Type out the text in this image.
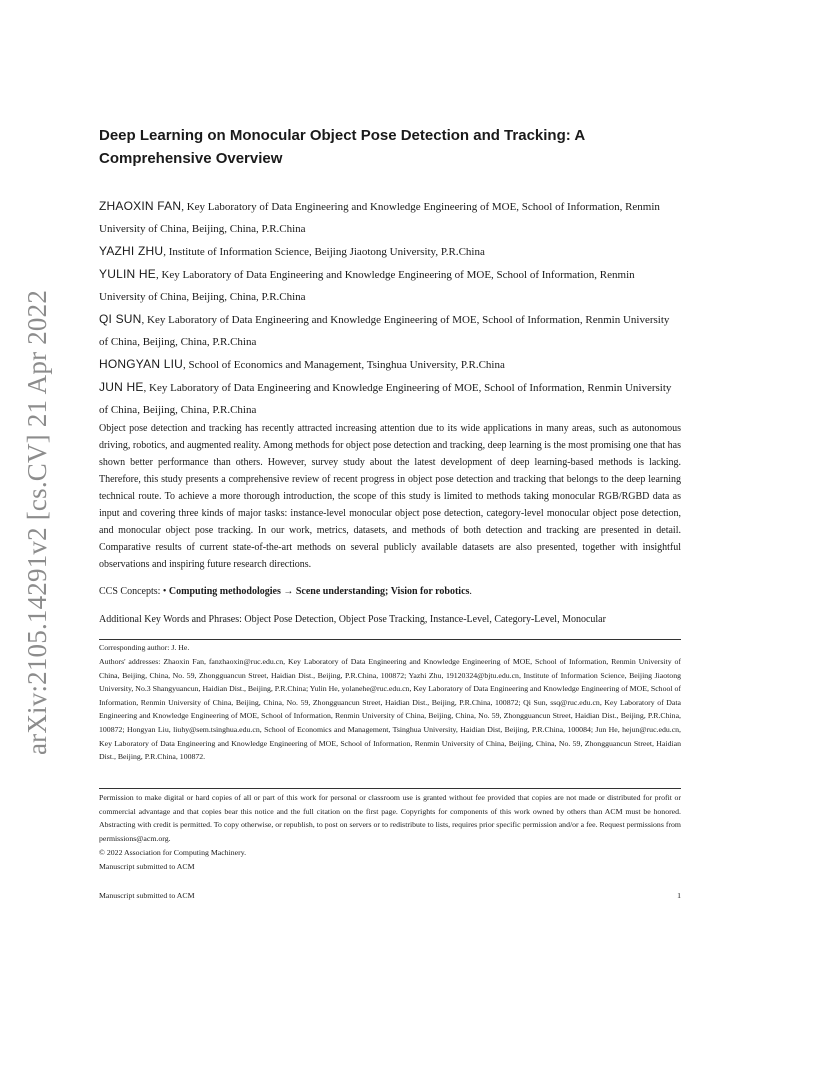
arXiv:2105.14291v2 [cs.CV] 21 Apr 2022
Deep Learning on Monocular Object Pose Detection and Tracking: A Comprehensive Overview

ZHAOXIN FAN, Key Laboratory of Data Engineering and Knowledge Engineering of MOE, School of Information, Renmin University of China, Beijing, China, P.R.China

YAZHI ZHU, Institute of Information Science, Beijing Jiaotong University, P.R.China

YULIN HE, Key Laboratory of Data Engineering and Knowledge Engineering of MOE, School of Information, Renmin University of China, Beijing, China, P.R.China

QI SUN, Key Laboratory of Data Engineering and Knowledge Engineering of MOE, School of Information, Renmin University of China, Beijing, China, P.R.China

HONGYAN LIU, School of Economics and Management, Tsinghua University, P.R.China

JUN HE, Key Laboratory of Data Engineering and Knowledge Engineering of MOE, School of Information, Renmin University of China, Beijing, China, P.R.China

Object pose detection and tracking has recently attracted increasing attention due to its wide applications in many areas, such as autonomous driving, robotics, and augmented reality. Among methods for object pose detection and tracking, deep learning is the most promising one that has shown better performance than others. However, survey study about the latest development of deep learning-based methods is lacking. Therefore, this study presents a comprehensive review of recent progress in object pose detection and tracking that belongs to the deep learning technical route. To achieve a more thorough introduction, the scope of this study is limited to methods taking monocular RGB/RGBD data as input and covering three kinds of major tasks: instance-level monocular object pose detection, category-level monocular object pose detection, and monocular object pose tracking. In our work, metrics, datasets, and methods of both detection and tracking are presented in detail. Comparative results of current state-of-the-art methods on several publicly available datasets are also presented, together with insightful observations and inspiring future research directions.

CCS Concepts: • Computing methodologies → Scene understanding; Vision for robotics.

Additional Key Words and Phrases: Object Pose Detection, Object Pose Tracking, Instance-Level, Category-Level, Monocular

Corresponding author: J. He.

Authors' addresses: Zhaoxin Fan, fanzhaoxin@ruc.edu.cn, Key Laboratory of Data Engineering and Knowledge Engineering of MOE, School of Information, Renmin University of China, Beijing, China, No. 59, Zhongguancun Street, Haidian Dist., Beijing, P.R.China, 100872; Yazhi Zhu, 19120324@bjtu.edu.cn, Institute of Information Science, Beijing Jiaotong University, No.3 Shangyuancun, Haidian Dist., Beijing, P.R.China; Yulin He, yolanehe@ruc.edu.cn, Key Laboratory of Data Engineering and Knowledge Engineering of MOE, School of Information, Renmin University of China, Beijing, China, No. 59, Zhongguancun Street, Haidian Dist., Beijing, P.R.China, 100872; Qi Sun, ssq@ruc.edu.cn, Key Laboratory of Data Engineering and Knowledge Engineering of MOE, School of Information, Renmin University of China, Beijing, China, No. 59, Zhongguancun Street, Haidian Dist., Beijing, P.R.China, 100872; Hongyan Liu, liuhy@sem.tsinghua.edu.cn, School of Economics and Management, Tsinghua University, Haidian Dist, Beijing, P.R.China, 100084; Jun He, hejun@ruc.edu.cn, Key Laboratory of Data Engineering and Knowledge Engineering of MOE, School of Information, Renmin University of China, Beijing, China, No. 59, Zhongguancun Street, Haidian Dist., Beijing, P.R.China, 100872.

Permission to make digital or hard copies of all or part of this work for personal or classroom use is granted without fee provided that copies are not made or distributed for profit or commercial advantage and that copies bear this notice and the full citation on the first page. Copyrights for components of this work owned by others than ACM must be honored. Abstracting with credit is permitted. To copy otherwise, or republish, to post on servers or to redistribute to lists, requires prior specific permission and/or a fee. Request permissions from permissions@acm.org.

© 2022 Association for Computing Machinery.

Manuscript submitted to ACM

Manuscript submitted to ACM	1
